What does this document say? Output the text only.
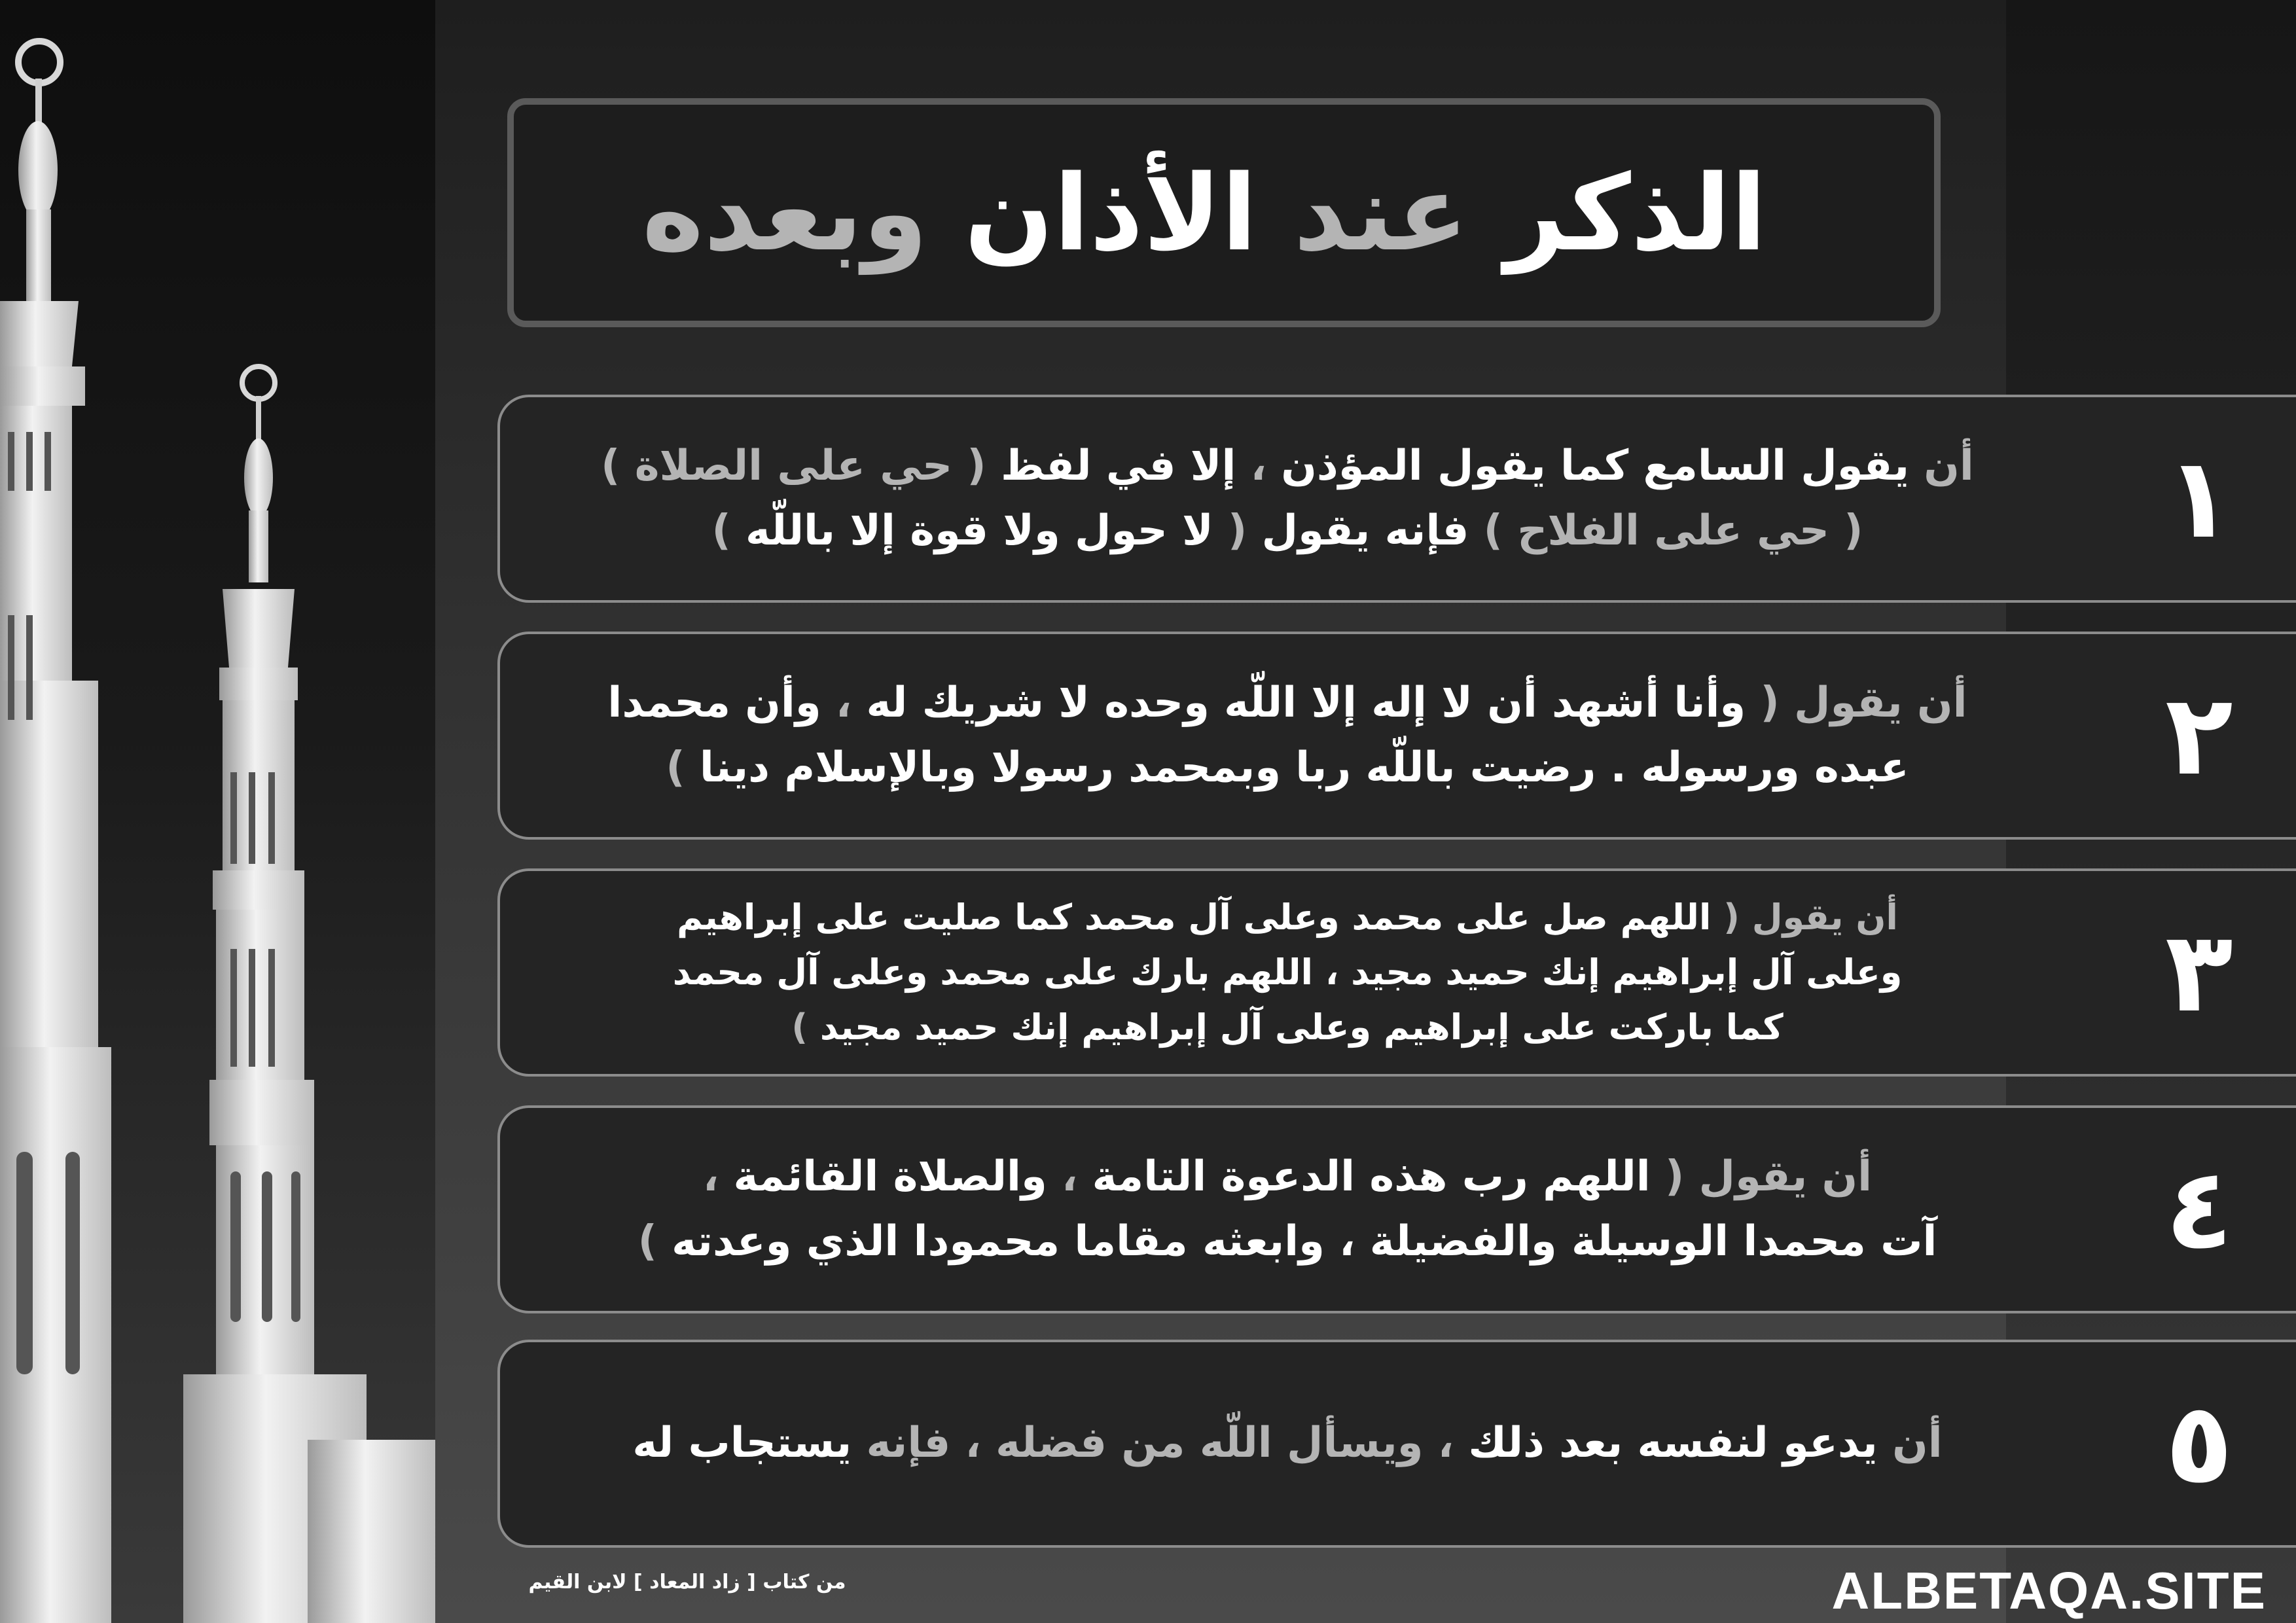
الذكر عند الأذان وبعده
١
أن يقول السامع كما يقول المؤذن ، إلا في لفظ ( حي على الصلاة )
( حي على الفلاح ) فإنه يقول ( لا حول ولا قوة إلا باللّه )
٢
أن يقول ( وأنا أشهد أن لا إله إلا اللّه وحده لا شريك له ، وأن محمدا
عبده ورسوله . رضيت باللّه ربا وبمحمد رسولا وبالإسلام دينا )
٣
أن يقول ( اللهم صل على محمد وعلى آل محمد كما صليت على إبراهيم
وعلى آل إبراهيم إنك حميد مجيد ، اللهم بارك على محمد وعلى آل محمد
كما باركت على إبراهيم وعلى آل إبراهيم إنك حميد مجيد )
٤
أن يقول ( اللهم رب هذه الدعوة التامة ، والصلاة القائمة ،
آت محمدا الوسيلة والفضيلة ، وابعثه مقاما محمودا الذي وعدته )
٥
أن يدعو لنفسه بعد ذلك ، ويسأل اللّه من فضله ، فإنه يستجاب له
من كتاب [ زاد المعاد ] لابن القيم	ALBETAQA.SITE
